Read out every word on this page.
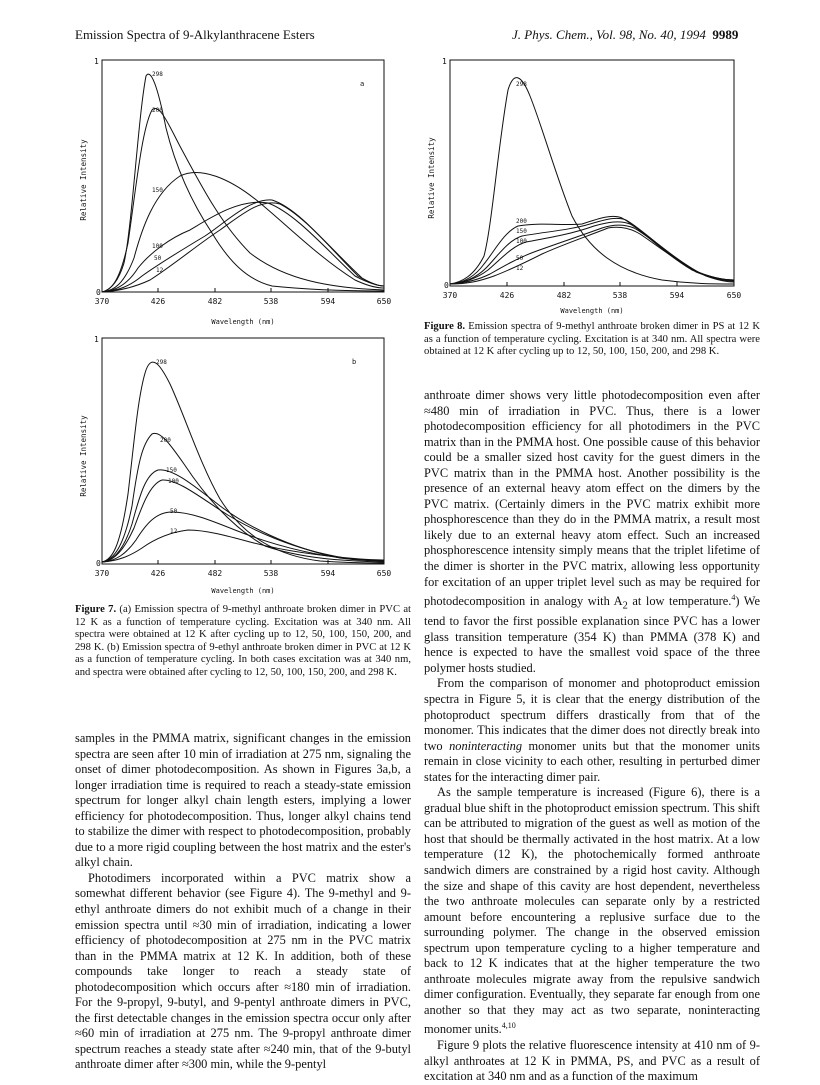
Emission Spectra of 9-Alkylanthracene Esters	J. Phys. Chem., Vol. 98, No. 40, 1994 9989
1
0
Relative Intensity
298
200
150
100
50
12
a
370	426	482	538	594	650
Wavelength (nm)
1
0
Relative Intensity
298
200
150
100
50
12
b
370	426	482	538	594	650
Wavelength (nm)
Figure 7. (a) Emission spectra of 9-methyl anthroate broken dimer in PVC at 12 K as a function of temperature cycling. Excitation was at 340 nm. All spectra were obtained at 12 K after cycling up to 12, 50, 100, 150, 200, and 298 K. (b) Emission spectra of 9-ethyl anthroate broken dimer in PVC at 12 K as a function of temperature cycling. In both cases excitation was at 340 nm, and spectra were obtained after cycling to 12, 50, 100, 150, 200, and 298 K.
1
0
Relative Intensity
298
200
150
100
50
12
370	426	482	538	594	650
Wavelength (nm)
Figure 8. Emission spectra of 9-methyl anthroate broken dimer in PS at 12 K as a function of temperature cycling. Excitation is at 340 nm. All spectra were obtained at 12 K after cycling up to 12, 50, 100, 150, 200, and 298 K.

samples in the PMMA matrix, significant changes in the emission spectra are seen after 10 min of irradiation at 275 nm, signaling the onset of dimer photodecomposition. As shown in Figures 3a,b, a longer irradiation time is required to reach a steady-state emission spectrum for longer alkyl chain length esters, implying a lower efficiency for photodecomposition. Thus, longer alkyl chains tend to stabilize the dimer with respect to photodecomposition, probably due to a more rigid coupling between the host matrix and the ester's alkyl chain.

Photodimers incorporated within a PVC matrix show a somewhat different behavior (see Figure 4). The 9-methyl and 9-ethyl anthroate dimers do not exhibit much of a change in their emission spectra until ≈30 min of irradiation, indicating a lower efficiency of photodecomposition at 275 nm in the PVC matrix than in the PMMA matrix at 12 K. In addition, both of these compounds take longer to reach a steady state of photodecomposition which occurs after ≈180 min of irradiation. For the 9-propyl, 9-butyl, and 9-pentyl anthroate dimers in PVC, the first detectable changes in the emission spectra occur only after ≈60 min of irradiation at 275 nm. The 9-propyl anthroate dimer spectrum reaches a steady state after ≈240 min, that of the 9-butyl anthroate dimer after ≈300 min, while the 9-pentyl

anthroate dimer shows very little photodecomposition even after ≈480 min of irradiation in PVC. Thus, there is a lower photodecomposition efficiency for all photodimers in the PVC matrix than in the PMMA host. One possible cause of this behavior could be a smaller sized host cavity for the guest dimers in the PVC matrix than in the PMMA host. Another possibility is the presence of an external heavy atom effect on the dimers by the PVC matrix. (Certainly dimers in the PVC matrix exhibit more phosphorescence than they do in the PMMA matrix, a result most likely due to an external heavy atom effect. Such an increased phosphorescence intensity simply means that the triplet lifetime of the dimer is shorter in the PVC matrix, allowing less opportunity for excitation of an upper triplet level such as may be required for photodecomposition in analogy with $A_2$ at low temperature.$^4$) We tend to favor the first possible explanation since PVC has a lower glass transition temperature (354 K) than PMMA (378 K) and hence is expected to have the smallest void space of the three polymer hosts studied.

From the comparison of monomer and photoproduct emission spectra in Figure 5, it is clear that the energy distribution of the photoproduct spectrum differs drastically from that of the monomer. This indicates that the dimer does not directly break into two noninteracting monomer units but that the monomer units remain in close vicinity to each other, resulting in perturbed dimer states for the interacting dimer pair.

As the sample temperature is increased (Figure 6), there is a gradual blue shift in the photoproduct emission spectrum. This shift can be attributed to migration of the guest as well as motion of the host that should be thermally activated in the host matrix. At a low temperature (12 K), the photochemically formed anthroate sandwich dimers are constrained by a rigid host cavity. Although the size and shape of this cavity are host dependent, nevertheless the two anthroate molecules can separate only by a restricted amount before encountering a replusive surface due to the surrounding polymer. The change in the observed emission spectrum upon temperature cycling to a higher temperature and back to 12 K indicates that at the higher temperature the two anthroate molecules migrate away from the repulsive sandwich dimer configuration. Eventually, they separate far enough from one another so that they may act as two separate, noninteracting monomer units.$^{4,10}$

Figure 9 plots the relative fluorescence intensity at 410 nm of 9-alkyl anthroates at 12 K in PMMA, PS, and PVC as a result of excitation at 340 nm and as a function of the maximum
